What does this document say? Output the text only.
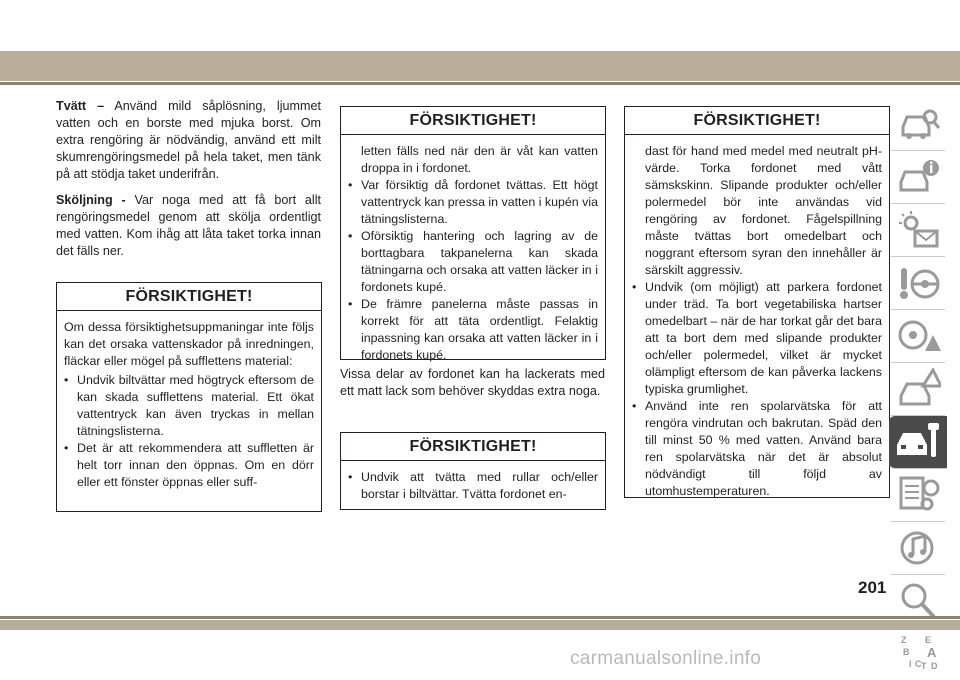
Tvätt – Använd mild såplösning, ljummet vatten och en borste med mjuka borst. Om extra rengöring är nödvändig, använd ett milt skumrengöringsmedel på hela taket, men tänk på att stödja taket underifrån.

Sköljning - Var noga med att få bort allt rengöringsmedel genom att skölja ordentligt med vatten. Kom ihåg att låta taket torka innan det fälls ner.

FÖRSIKTIGHET!
Om dessa försiktighetsuppmaningar inte följs kan det orsaka vattenskador på inredningen, fläckar eller mögel på sufflettens material:
• Undvik biltvättar med högtryck eftersom de kan skada sufflettens material. Ett ökat vattentryck kan även tryckas in mellan tätningslisterna.
• Det är att rekommendera att suffletten är helt torr innan den öppnas. Om en dörr eller ett fönster öppnas eller suff-
FÖRSIKTIGHET!
letten fälls ned när den är våt kan vatten droppa in i fordonet.
• Var försiktig då fordonet tvättas. Ett högt vattentryck kan pressa in vatten i kupén via tätningslisterna.
• Oförsiktig hantering och lagring av de borttagbara takpanelerna kan skada tätningarna och orsaka att vatten läcker in i fordonets kupé.
• De främre panelerna måste passas in korrekt för att täta ordentligt. Felaktig inpassning kan orsaka att vatten läcker in i fordonets kupé.

Vissa delar av fordonet kan ha lackerats med ett matt lack som behöver skyddas extra noga.

FÖRSIKTIGHET!
• Undvik att tvätta med rullar och/eller borstar i biltvättar. Tvätta fordonet en-
FÖRSIKTIGHET!
dast för hand med medel med neutralt pH-värde. Torka fordonet med vått sämskskinn. Slipande produkter och/eller polermedel bör inte användas vid rengöring av fordonet. Fågelspillning måste tvättas bort omedelbart och noggrant eftersom syran den innehåller är särskilt aggressiv.
• Undvik (om möjligt) att parkera fordonet under träd. Ta bort vegetabiliska hartser omedelbart – när de har torkat går det bara att ta bort dem med slipande produkter och/eller polermedel, vilket är mycket olämpligt eftersom de kan påverka lackens typiska grumlighet.
• Använd inte ren spolarvätska för att rengöra vindrutan och bakrutan. Späd den till minst 50 % med vatten. Använd bara ren spolarvätska när det är absolut nödvändigt till följd av utomhustemperaturen.
Z E
B A
I C T D
201
carmanualsonline.info
